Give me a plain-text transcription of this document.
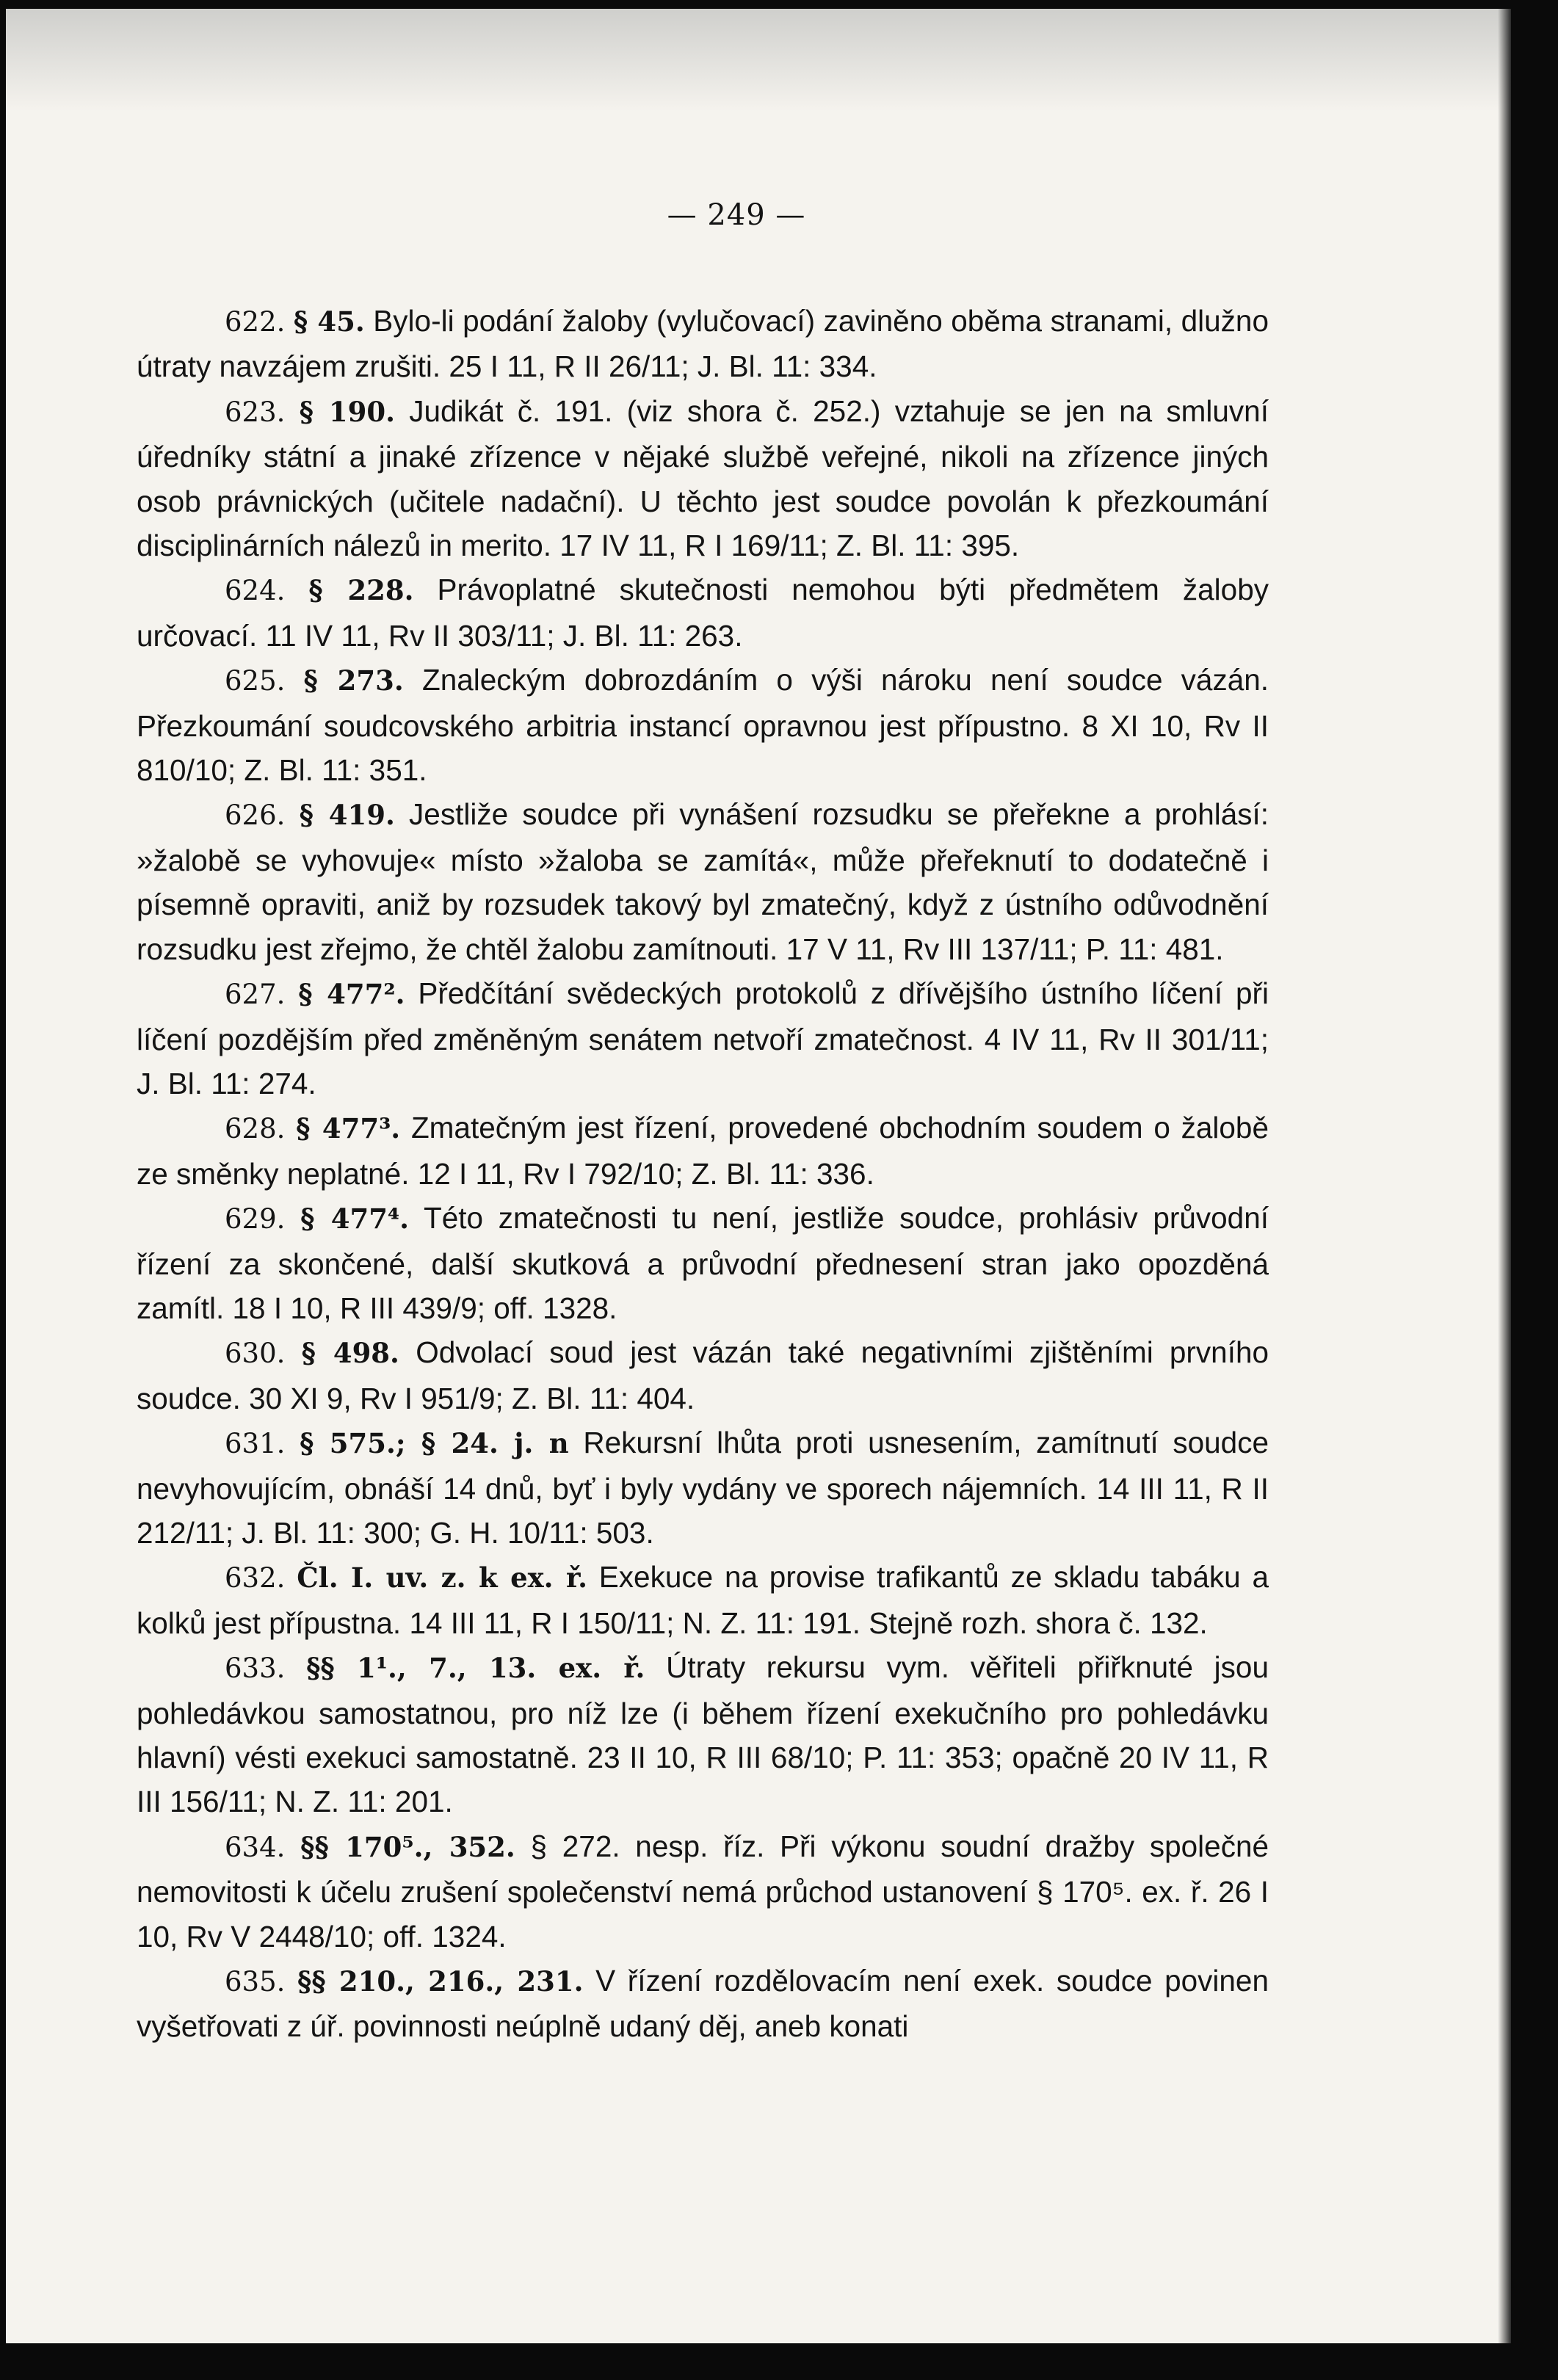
— 249 —

622. § 45. Bylo-li podání žaloby (vylučovací) zaviněno oběma stranami, dlužno útraty navzájem zrušiti. 25 I 11, R II 26/11; J. Bl. 11: 334.

623. § 190. Judikát č. 191. (viz shora č. 252.) vztahuje se jen na smluvní úředníky státní a jinaké zřízence v nějaké službě veřejné, nikoli na zřízence jiných osob právnických (učitele nadační). U těchto jest soudce povolán k přezkoumání disciplinárních nálezů in merito. 17 IV 11, R I 169/11; Z. Bl. 11: 395.

624. § 228. Právoplatné skutečnosti nemohou býti předmětem žaloby určovací. 11 IV 11, Rv II 303/11; J. Bl. 11: 263.

625. § 273. Znaleckým dobrozdáním o výši nároku není soudce vázán. Přezkoumání soudcovského arbitria instancí opravnou jest přípustno. 8 XI 10, Rv II 810/10; Z. Bl. 11: 351.

626. § 419. Jestliže soudce při vynášení rozsudku se přeřekne a prohlásí: »žalobě se vyhovuje« místo »žaloba se zamítá«, může přeřeknutí to dodatečně i písemně opraviti, aniž by rozsudek takový byl zmatečný, když z ústního odůvodnění rozsudku jest zřejmo, že chtěl žalobu zamítnouti. 17 V 11, Rv III 137/11; P. 11: 481.

627. § 477². Předčítání svědeckých protokolů z dřívějšího ústního líčení při líčení pozdějším před změněným senátem netvoří zmatečnost. 4 IV 11, Rv II 301/11; J. Bl. 11: 274.

628. § 477³. Zmatečným jest řízení, provedené obchodním soudem o žalobě ze směnky neplatné. 12 I 11, Rv I 792/10; Z. Bl. 11: 336.

629. § 477⁴. Této zmatečnosti tu není, jestliže soudce, prohlásiv průvodní řízení za skončené, další skutková a průvodní přednesení stran jako opozděná zamítl. 18 I 10, R III 439/9; off. 1328.

630. § 498. Odvolací soud jest vázán také negativními zjištěními prvního soudce. 30 XI 9, Rv I 951/9; Z. Bl. 11: 404.

631. § 575.; § 24. j. n Rekursní lhůta proti usnesením, zamítnutí soudce nevyhovujícím, obnáší 14 dnů, byť i byly vydány ve sporech nájemních. 14 III 11, R II 212/11; J. Bl. 11: 300; G. H. 10/11: 503.

632. Čl. I. uv. z. k ex. ř. Exekuce na provise trafikantů ze skladu tabáku a kolků jest přípustna. 14 III 11, R I 150/11; N. Z. 11: 191. Stejně rozh. shora č. 132.

633. §§ 1¹., 7., 13. ex. ř. Útraty rekursu vym. věřiteli přiřknuté jsou pohledávkou samostatnou, pro níž lze (i během řízení exekučního pro pohledávku hlavní) vésti exekuci samostatně. 23 II 10, R III 68/10; P. 11: 353; opačně 20 IV 11, R III 156/11; N. Z. 11: 201.

634. §§ 170⁵., 352. § 272. nesp. říz. Při výkonu soudní dražby společné nemovitosti k účelu zrušení společenství nemá průchod ustanovení § 170⁵. ex. ř. 26 I 10, Rv V 2448/10; off. 1324.

635. §§ 210., 216., 231. V řízení rozdělovacím není exek. soudce povinen vyšetřovati z úř. povinnosti neúplně udaný děj, aneb konati
